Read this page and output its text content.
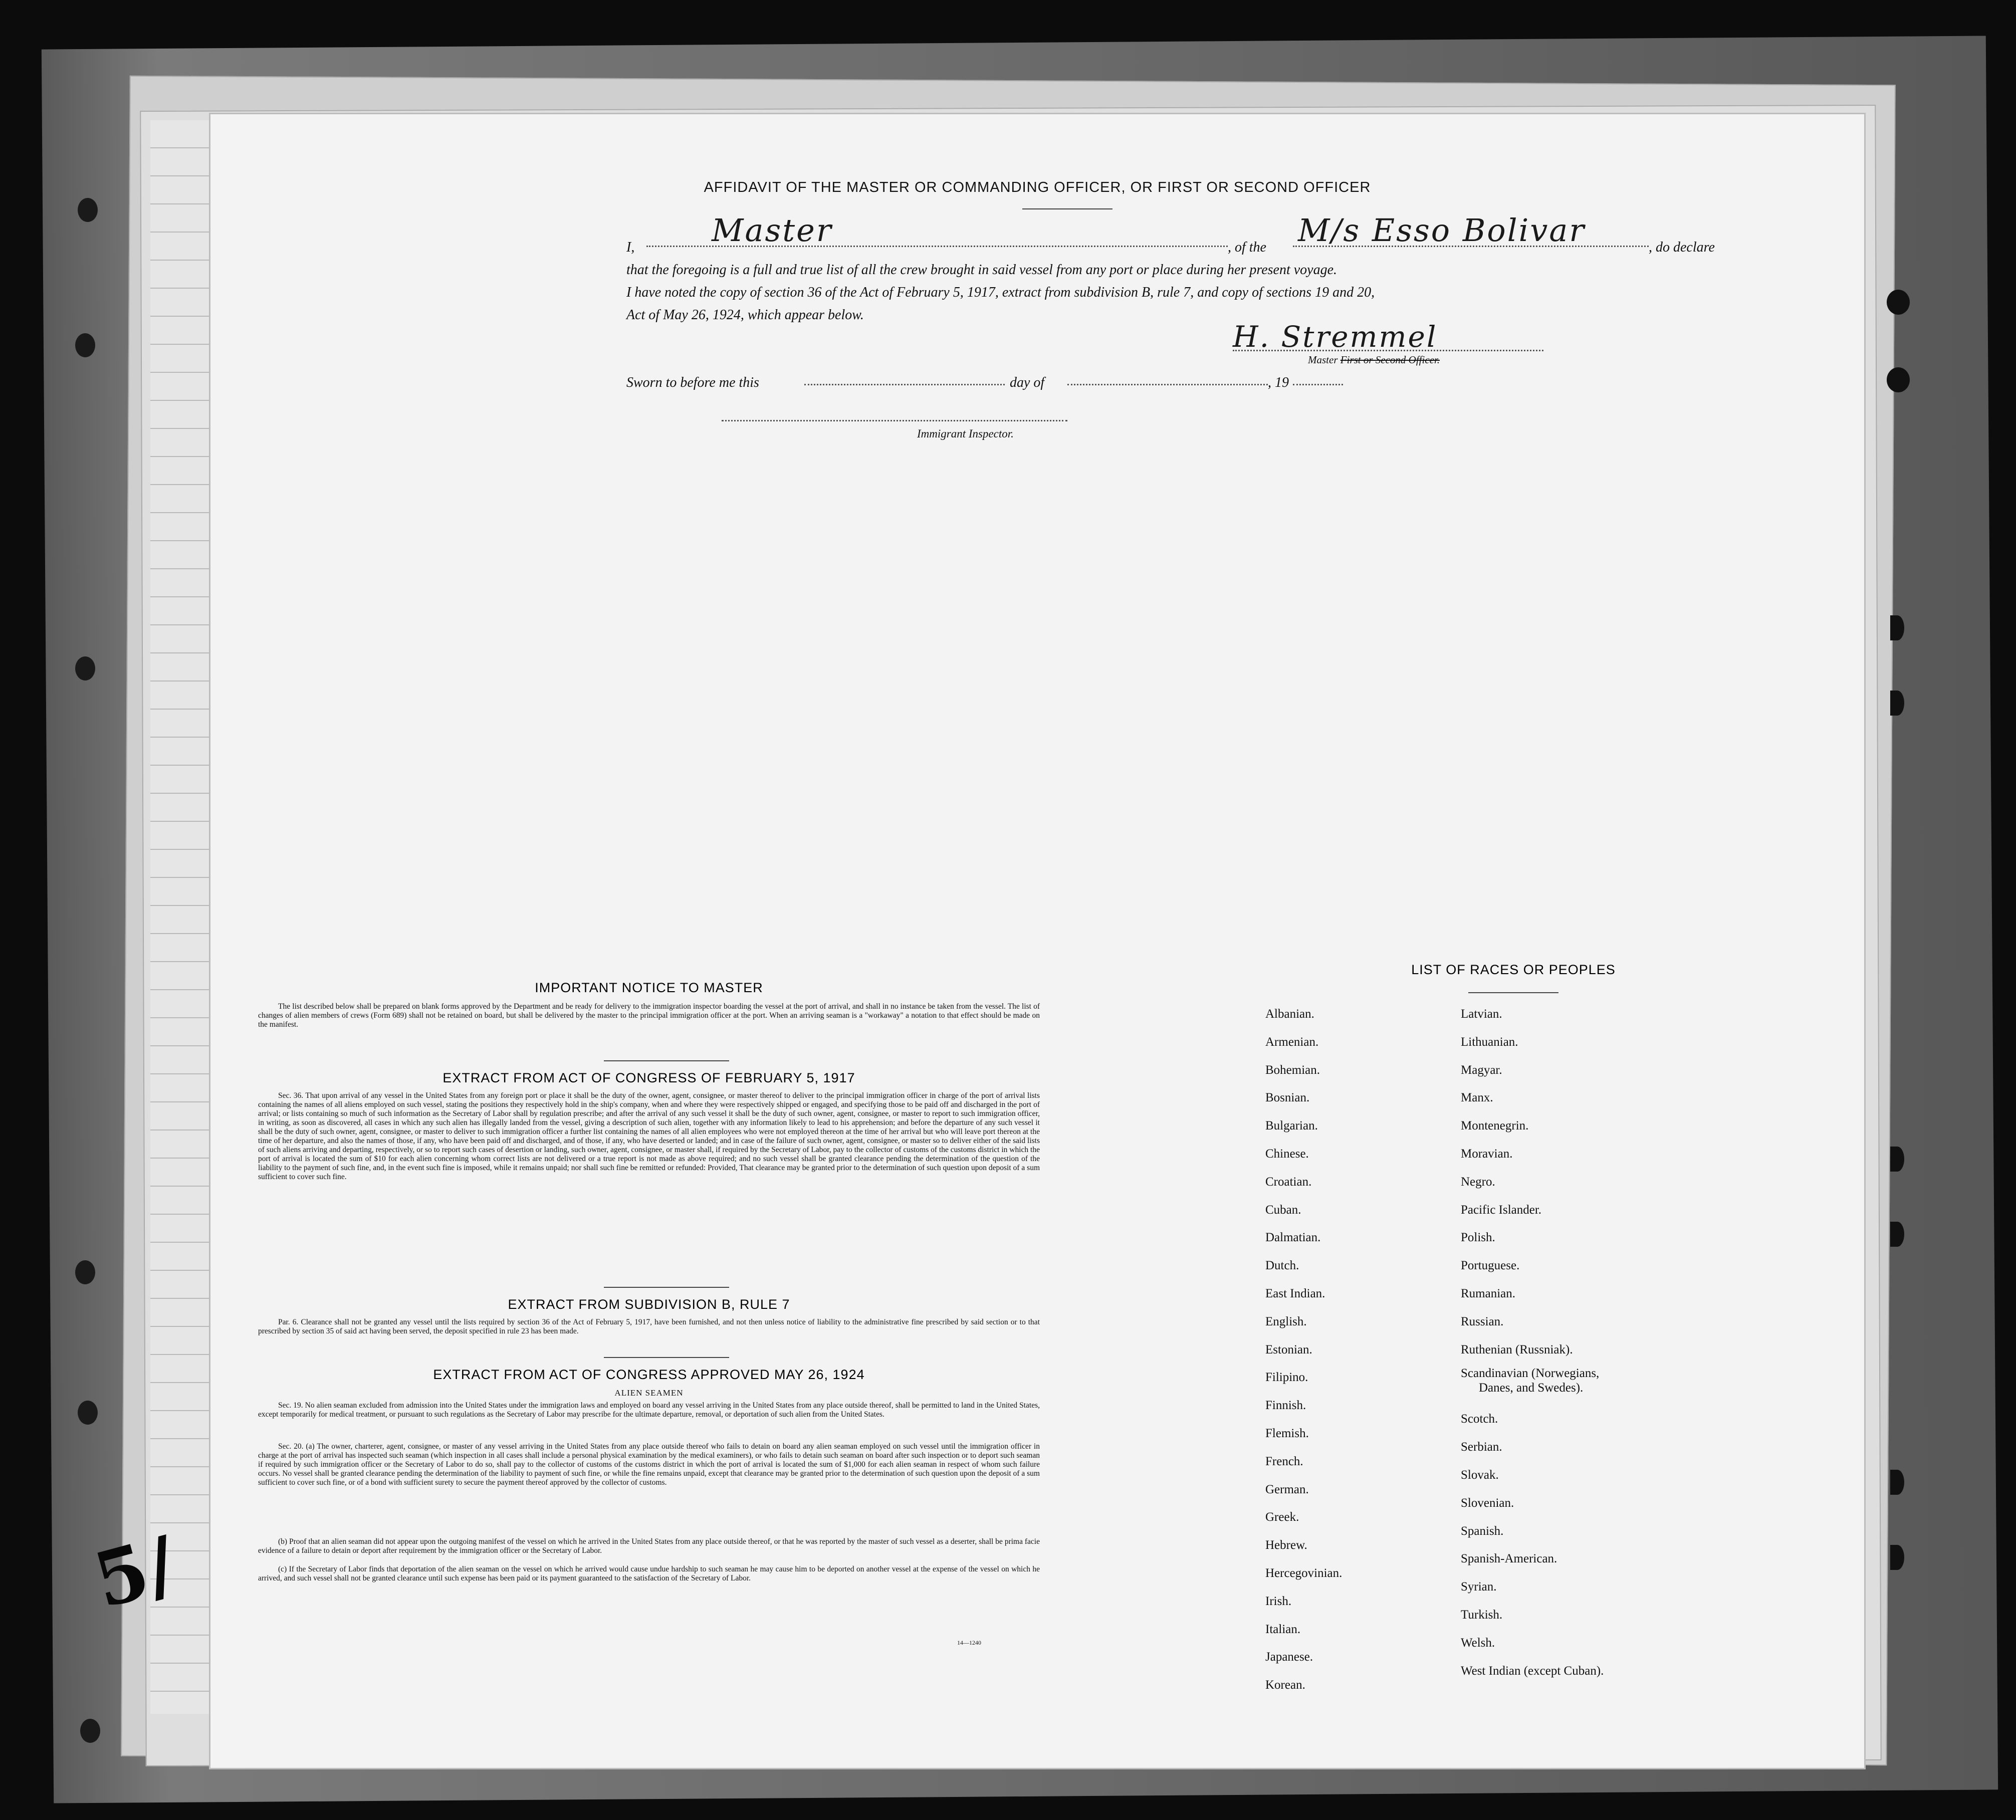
5/
AFFIDAVIT OF THE MASTER OR COMMANDING OFFICER, OR FIRST OR SECOND OFFICER
I, Master	, of the M/s Esso Bolivar	, do declare
that the foregoing is a full and true list of all the crew brought in said vessel from any port or place during her present voyage.
I have noted the copy of section 36 of the Act of February 5, 1917, extract from subdivision B, rule 7, and copy of sections 19 and 20,
Act of May 26, 1924, which appear below.
H. Stremmel
Master First or Second Officer.
Sworn to before me this	day of	, 19
Immigrant Inspector.
IMPORTANT NOTICE TO MASTER
The list described below shall be prepared on blank forms approved by the Department and be ready for delivery to the immigration inspector boarding the vessel at the port of arrival, and shall in no instance be taken from the vessel. The list of changes of alien members of crews (Form 689) shall not be retained on board, but shall be delivered by the master to the principal immigration officer at the port. When an arriving seaman is a "workaway" a notation to that effect should be made on the manifest.
EXTRACT FROM ACT OF CONGRESS OF FEBRUARY 5, 1917
Sec. 36. That upon arrival of any vessel in the United States from any foreign port or place it shall be the duty of the owner, agent, consignee, or master thereof to deliver to the principal immigration officer in charge of the port of arrival lists containing the names of all aliens employed on such vessel, stating the positions they respectively hold in the ship's company, when and where they were respectively shipped or engaged, and specifying those to be paid off and discharged in the port of arrival; or lists containing so much of such information as the Secretary of Labor shall by regulation prescribe; and after the arrival of any such vessel it shall be the duty of such owner, agent, consignee, or master to report to such immigration officer, in writing, as soon as discovered, all cases in which any such alien has illegally landed from the vessel, giving a description of such alien, together with any information likely to lead to his apprehension; and before the departure of any such vessel it shall be the duty of such owner, agent, consignee, or master to deliver to such immigration officer a further list containing the names of all alien employees who were not employed thereon at the time of her arrival but who will leave port thereon at the time of her departure, and also the names of those, if any, who have been paid off and discharged, and of those, if any, who have deserted or landed; and in case of the failure of such owner, agent, consignee, or master so to deliver either of the said lists of such aliens arriving and departing, respectively, or so to report such cases of desertion or landing, such owner, agent, consignee, or master shall, if required by the Secretary of Labor, pay to the collector of customs of the customs district in which the port of arrival is located the sum of $10 for each alien concerning whom correct lists are not delivered or a true report is not made as above required; and no such vessel shall be granted clearance pending the determination of the question of the liability to the payment of such fine, and, in the event such fine is imposed, while it remains unpaid; nor shall such fine be remitted or refunded: Provided, That clearance may be granted prior to the determination of such question upon deposit of a sum sufficient to cover such fine.
EXTRACT FROM SUBDIVISION B, RULE 7
Par. 6. Clearance shall not be granted any vessel until the lists required by section 36 of the Act of February 5, 1917, have been furnished, and not then unless notice of liability to the administrative fine prescribed by said section or to that prescribed by section 35 of said act having been served, the deposit specified in rule 23 has been made.
EXTRACT FROM ACT OF CONGRESS APPROVED MAY 26, 1924
ALIEN SEAMEN
Sec. 19. No alien seaman excluded from admission into the United States under the immigration laws and employed on board any vessel arriving in the United States from any place outside thereof, shall be permitted to land in the United States, except temporarily for medical treatment, or pursuant to such regulations as the Secretary of Labor may prescribe for the ultimate departure, removal, or deportation of such alien from the United States.
Sec. 20. (a) The owner, charterer, agent, consignee, or master of any vessel arriving in the United States from any place outside thereof who fails to detain on board any alien seaman employed on such vessel until the immigration officer in charge at the port of arrival has inspected such seaman (which inspection in all cases shall include a personal physical examination by the medical examiners), or who fails to detain such seaman on board after such inspection or to deport such seaman if required by such immigration officer or the Secretary of Labor to do so, shall pay to the collector of customs of the customs district in which the port of arrival is located the sum of $1,000 for each alien seaman in respect of whom such failure occurs. No vessel shall be granted clearance pending the determination of the liability to payment of such fine, or while the fine remains unpaid, except that clearance may be granted prior to the determination of such question upon the deposit of a sum sufficient to cover such fine, or of a bond with sufficient surety to secure the payment thereof approved by the collector of customs.
(b) Proof that an alien seaman did not appear upon the outgoing manifest of the vessel on which he arrived in the United States from any place outside thereof, or that he was reported by the master of such vessel as a deserter, shall be prima facie evidence of a failure to detain or deport after requirement by the immigration officer or the Secretary of Labor.
(c) If the Secretary of Labor finds that deportation of the alien seaman on the vessel on which he arrived would cause undue hardship to such seaman he may cause him to be deported on another vessel at the expense of the vessel on which he arrived, and such vessel shall not be granted clearance until such expense has been paid or its payment guaranteed to the satisfaction of the Secretary of Labor.
14—1240
LIST OF RACES OR PEOPLES
Albanian.
Armenian.
Bohemian.
Bosnian.
Bulgarian.
Chinese.
Croatian.
Cuban.
Dalmatian.
Dutch.
East Indian.
English.
Estonian.
Filipino.
Finnish.
Flemish.
French.
German.
Greek.
Hebrew.
Hercegovinian.
Irish.
Italian.
Japanese.
Korean.
Latvian.
Lithuanian.
Magyar.
Manx.
Montenegrin.
Moravian.
Negro.
Pacific Islander.
Polish.
Portuguese.
Rumanian.
Russian.
Ruthenian (Russniak).
Scandinavian (Norwegians,
Danes, and Swedes).
Scotch.
Serbian.
Slovak.
Slovenian.
Spanish.
Spanish-American.
Syrian.
Turkish.
Welsh.
West Indian (except Cuban).
